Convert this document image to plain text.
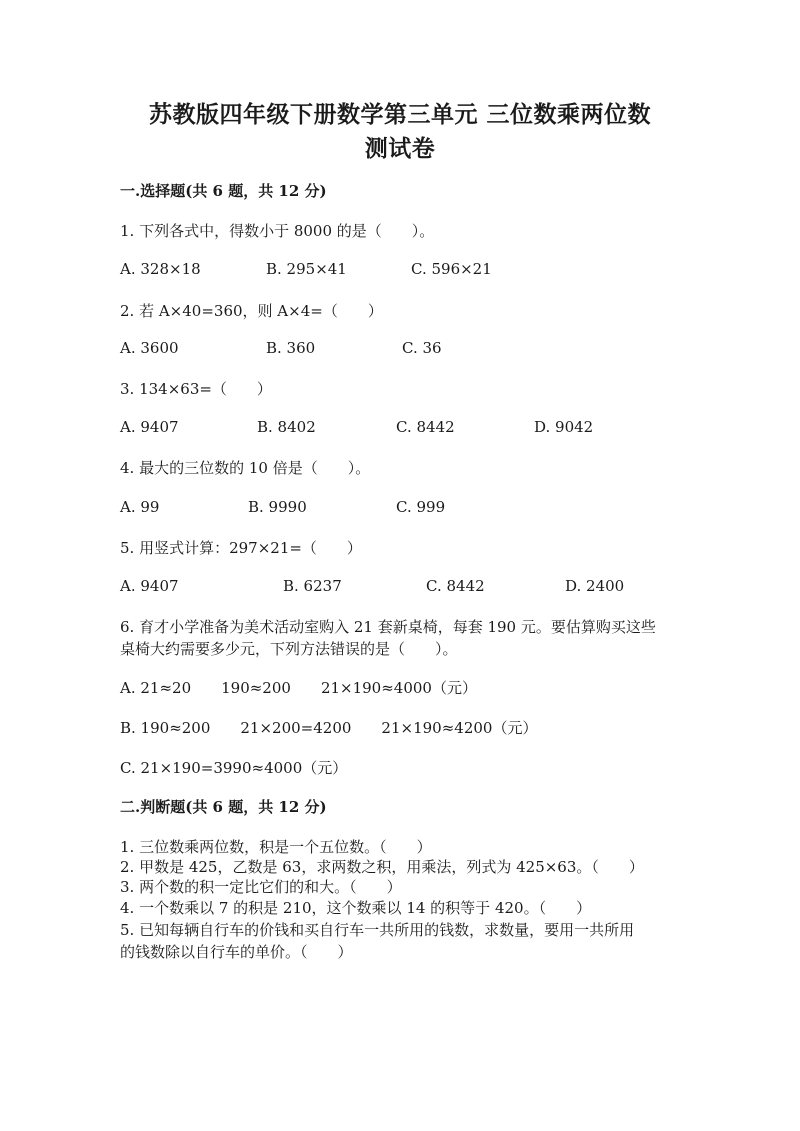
苏教版四年级下册数学第三单元 三位数乘两位数
测试卷
一.选择题(共 6 题，共 12 分)
1. 下列各式中，得数小于 8000 的是（　　）。
A. 328×18	B. 295×41	C. 596×21
2. 若 A×40=360，则 A×4=（　　）
A. 3600	B. 360	C. 36
3. 134×63=（　　）
A. 9407	B. 8402	C. 8442	D. 9042
4. 最大的三位数的 10 倍是（　　）。
A. 99	B. 9990	C. 999
5. 用竖式计算：297×21=（　　）
A. 9407	B. 6237	C. 8442	D. 2400
6. 育才小学准备为美术活动室购入 21 套新桌椅，每套 190 元。要估算购买这些
桌椅大约需要多少元，下列方法错误的是（　　）。
A. 21≈20　　190≈200　　21×190≈4000（元）
B. 190≈200　　21×200=4200　　21×190≈4200（元）
C. 21×190=3990≈4000（元）
二.判断题(共 6 题，共 12 分)
1. 三位数乘两位数，积是一个五位数。（　　）
2. 甲数是 425，乙数是 63，求两数之积，用乘法，列式为 425×63。（　　）
3. 两个数的积一定比它们的和大。（　　）
4. 一个数乘以 7 的积是 210，这个数乘以 14 的积等于 420。（　　）
5. 已知每辆自行车的价钱和买自行车一共所用的钱数，求数量，要用一共所用
的钱数除以自行车的单价。（　　）
